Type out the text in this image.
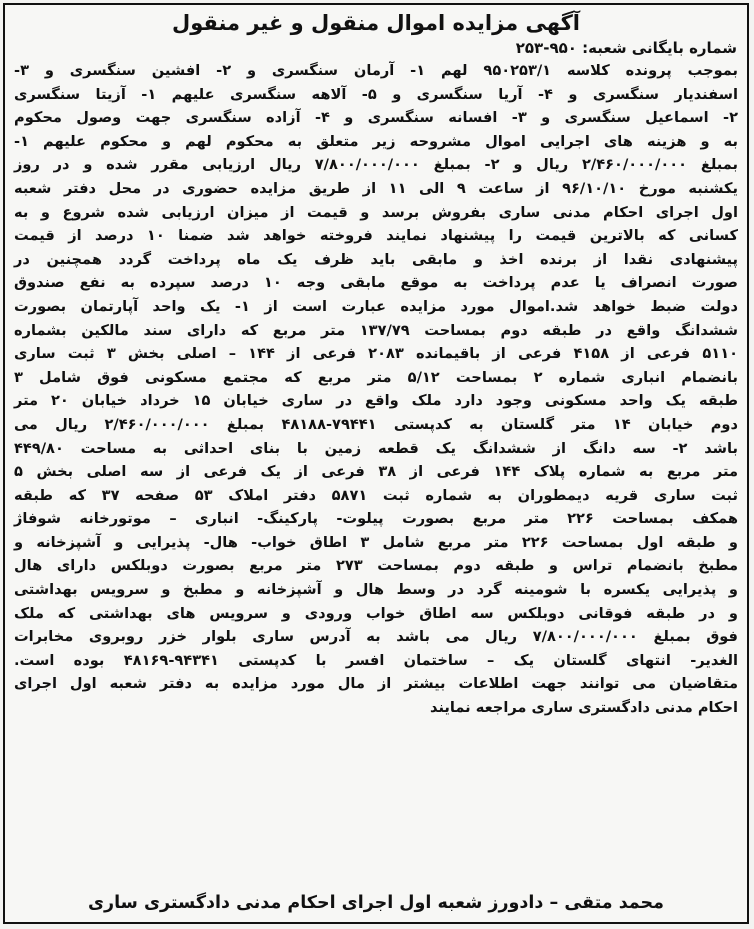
آگهی مزایده اموال منقول و غیر منقول
شماره بایگانی شعبه: ۹۵۰-۲۵۳
بموجب پرونده کلاسه ۹۵۰۲۵۳/۱ لهم ۱- آرمان سنگسری و ۲- افشین سنگسری و ۳-
اسفندیار سنگسری و ۴- آریا سنگسری و ۵- آلاهه سنگسری علیهم ۱- آزیتا سنگسری
۲- اسماعیل سنگسری و ۳- افسانه سنگسری و ۴- آزاده سنگسری جهت وصول محکوم
به و هزینه های اجرایی اموال مشروحه زیر متعلق به محکوم لهم و محکوم علیهم ۱-
بمبلغ ۲/۴۶۰/۰۰۰/۰۰۰ ریال و ۲- بمبلغ ۷/۸۰۰/۰۰۰/۰۰۰ ریال ارزیابی مقرر شده و در روز
یکشنبه مورخ ۹۶/۱۰/۱۰ از ساعت ۹ الی ۱۱ از طریق مزایده حضوری در محل دفتر شعبه
اول اجرای احکام مدنی ساری بفروش برسد و قیمت از میزان ارزیابی شده شروع و به
کسانی که بالاترین قیمت را پیشنهاد نمایند فروخته خواهد شد ضمنا ۱۰ درصد از قیمت
پیشنهادی نقدا از برنده اخذ و مابقی باید ظرف یک ماه پرداخت گردد همچنین در
صورت انصراف یا عدم پرداخت به موقع مابقی وجه ۱۰ درصد سپرده به نفع صندوق
دولت ضبط خواهد شد.اموال مورد مزایده عبارت است از ۱- یک واحد آپارتمان بصورت
ششدانگ واقع در طبقه دوم بمساحت ۱۳۷/۷۹ متر مربع که دارای سند مالکین بشماره
۵۱۱۰ فرعی از ۴۱۵۸ فرعی از باقیمانده ۲۰۸۳ فرعی از ۱۴۴ – اصلی بخش ۳ ثبت ساری
بانضمام انباری شماره ۲ بمساحت ۵/۱۲ متر مربع که مجتمع مسکونی فوق شامل ۳
طبقه یک واحد مسکونی وجود دارد ملک واقع در ساری خیابان ۱۵ خرداد خیابان ۲۰ متر
دوم خیابان ۱۴ متر گلستان به کدپستی ۷۹۴۴۱-۴۸۱۸۸ بمبلغ ۲/۴۶۰/۰۰۰/۰۰۰ ریال می
باشد ۲- سه دانگ از ششدانگ یک قطعه زمین با بنای احداثی به مساحت ۴۴۹/۸۰
متر مربع به شماره پلاک ۱۴۴ فرعی از ۳۸ فرعی از یک فرعی از سه اصلی بخش ۵
ثبت ساری قریه دیمطوران به شماره ثبت ۵۸۷۱ دفتر املاک ۵۳ صفحه ۳۷ که طبقه
همکف بمساحت ۲۲۶ متر مربع بصورت پیلوت- پارکینگ- انباری – موتورخانه شوفاژ
و طبقه اول بمساحت ۲۲۶ متر مربع شامل ۳ اطاق خواب- هال- پذیرایی و آشپزخانه و
مطبخ بانضمام تراس و طبقه دوم بمساحت ۲۷۳ متر مربع بصورت دوبلکس دارای هال
و پذیرایی یکسره با شومینه گرد در وسط هال و آشپزخانه و مطبخ و سرویس بهداشتی
و در طبقه فوقانی دوبلکس سه اطاق خواب ورودی و سرویس های بهداشتی که ملک
فوق بمبلغ ۷/۸۰۰/۰۰۰/۰۰۰ ریال می باشد به آدرس ساری بلوار خزر روبروی مخابرات
الغدیر- انتهای گلستان یک – ساختمان افسر با کدپستی ۹۴۳۴۱-۴۸۱۶۹ بوده است.
متقاضیان می توانند جهت اطلاعات بیشتر از مال مورد مزایده به دفتر شعبه اول اجرای
احکام مدنی دادگستری ساری مراجعه نمایند
محمد متقی – دادورز شعبه اول اجرای احکام مدنی دادگستری ساری
